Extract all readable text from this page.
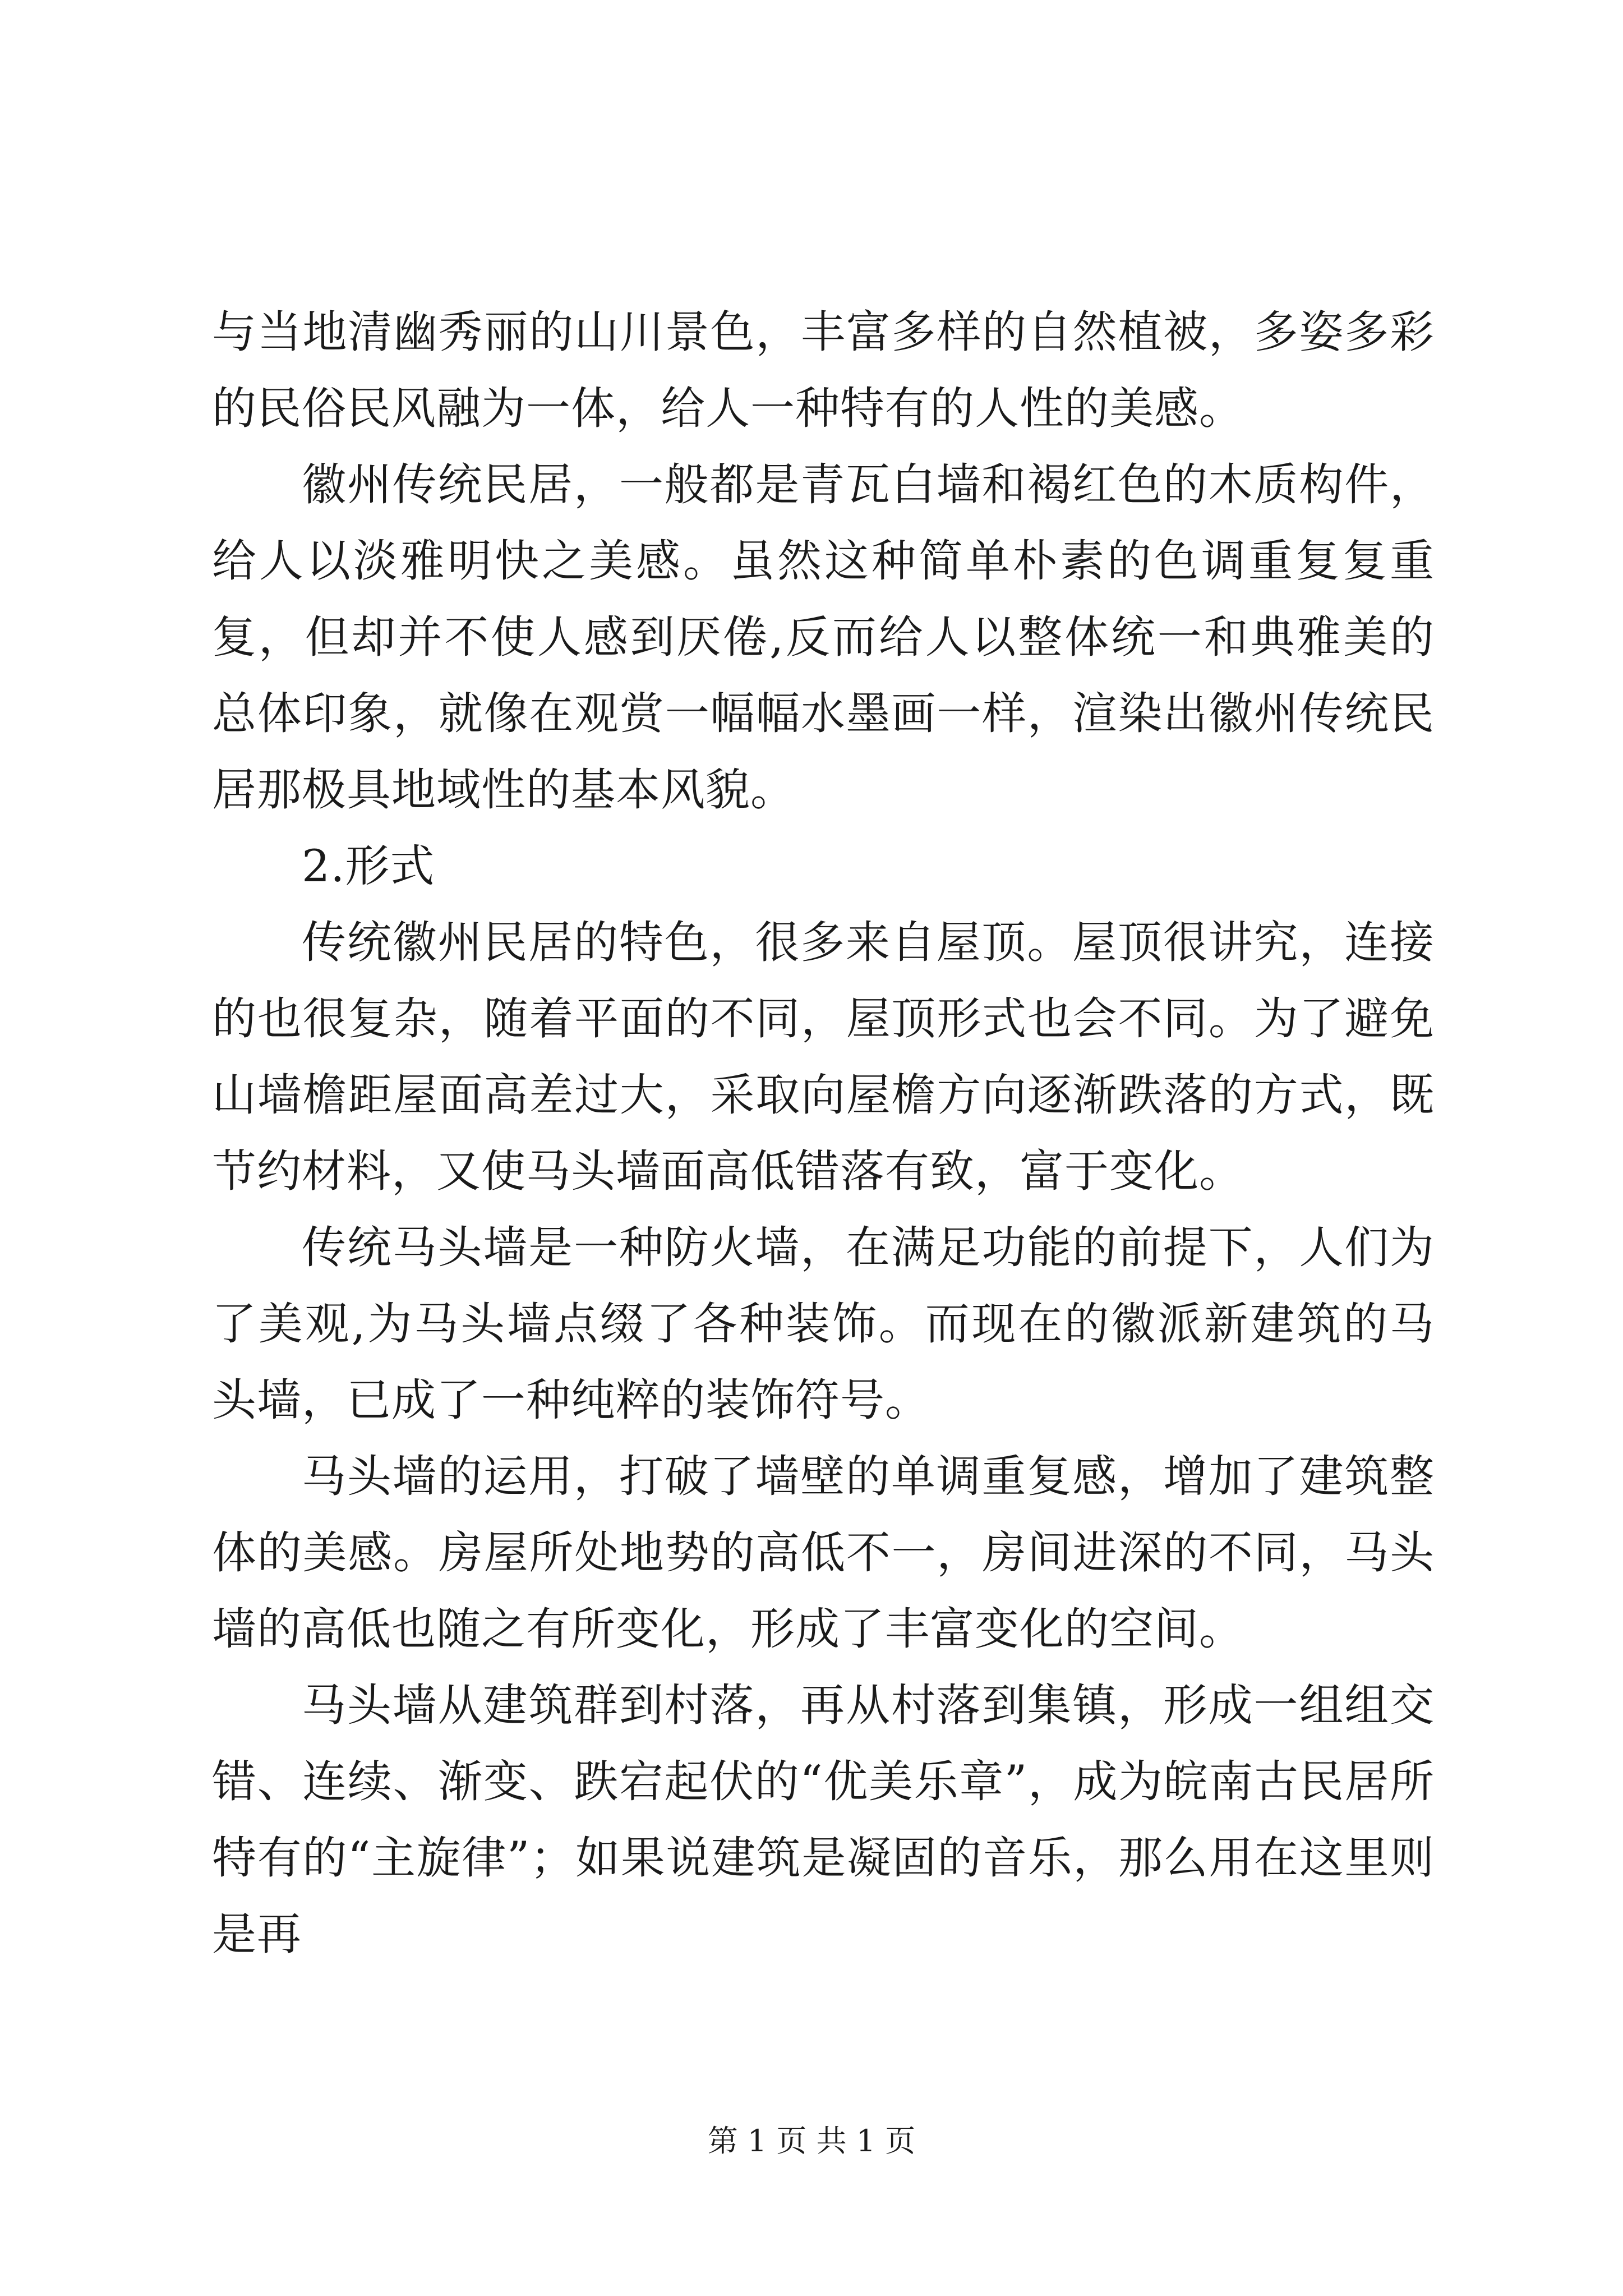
与当地清幽秀丽的山川景色，丰富多样的自然植被，多姿多彩的民俗民风融为一体，给人一种特有的人性的美感。

徽州传统民居，一般都是青瓦白墙和褐红色的木质构件，给人以淡雅明快之美感。虽然这种简单朴素的色调重复复重复，但却并不使人感到厌倦,反而给人以整体统一和典雅美的总体印象，就像在观赏一幅幅水墨画一样，渲染出徽州传统民居那极具地域性的基本风貌。

2.形式

传统徽州民居的特色，很多来自屋顶。屋顶很讲究，连接的也很复杂，随着平面的不同，屋顶形式也会不同。为了避免山墙檐距屋面高差过大，采取向屋檐方向逐渐跌落的方式，既节约材料，又使马头墙面高低错落有致，富于变化。

传统马头墙是一种防火墙，在满足功能的前提下，人们为了美观,为马头墙点缀了各种装饰。而现在的徽派新建筑的马头墙，已成了一种纯粹的装饰符号。

马头墙的运用，打破了墙壁的单调重复感，增加了建筑整体的美感。房屋所处地势的高低不一，房间进深的不同，马头墙的高低也随之有所变化，形成了丰富变化的空间。

马头墙从建筑群到村落，再从村落到集镇，形成一组组交错、连续、渐变、跌宕起伏的“优美乐章”，成为皖南古民居所特有的“主旋律”；如果说建筑是凝固的音乐，那么用在这里则是再

第 1 页 共 1 页
